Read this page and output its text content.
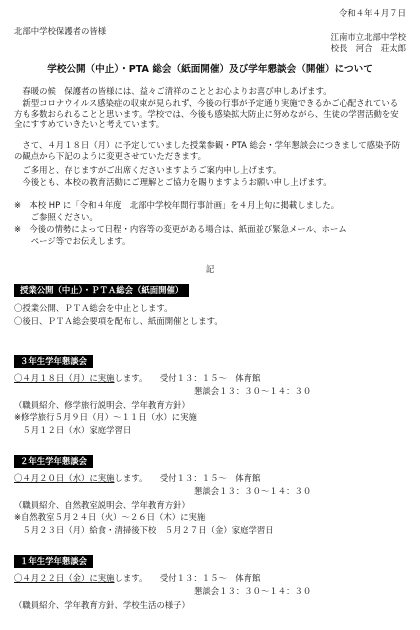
令和４年４月７日
北部中学校保護者の皆様
江南市立北部中学校
校長　河合　荘太郎
学校公開（中止）・PTA 総会（紙面開催）及び学年懇談会（開催）について
　春暖の候　保護者の皆様には、益々ご清祥のこととお心よりお喜び申しあげます。
　新型コロナウイルス感染症の収束が見られず、今後の行事が予定通り実施できるかご心配されている方も多数おられることと思います。学校では、今後も感染拡大防止に努めながら、生徒の学習活動を安全にすすめていきたいと考えています。
　さて、４月１８日（月）に予定していました授業参観・PTA 総会・学年懇談会につきまして感染予防の観点から下記のように変更させていただきます。
　ご多用と、存じますがご出席くださいますようご案内申し上げます。
　今後とも、本校の教育活動にご理解とご協力を賜りますようお願い申し上げます。
※　本校 HP に「令和４年度　北部中学校年間行事計画」を４月上旬に掲載しました。
　　ご参照ください。
※　今後の情勢によって日程・内容等の変更がある場合は、紙面並び緊急メール、ホーム
　　ページ等でお伝えします。
記
授業公開（中止）・ＰＴＡ総会（紙面開催）
〇授業公開、ＰＴＡ総会を中止とします。
〇後日、ＰＴＡ総会要項を配布し、紙面開催とします。
３年生学年懇談会
〇４月１８日（月）に実施します。　　受付１３：１５～　体育館
懇談会１３：３０～１４：３０
（職員紹介、修学旅行説明会、学年教育方針）
※修学旅行５月９日（月）～１１日（水）に実施
　５月１２日（水）家庭学習日
２年生学年懇談会
〇４月２０日（水）に実施します。　　受付１３：１５～　体育館
懇談会１３：３０～１４：３０
（職員紹介、自然教室説明会、学年教育方針）
※自然教室５月２４日（火）～２６日（木）に実施
　５月２３日（月）給食・清掃後下校　５月２７日（金）家庭学習日
１年生学年懇談会
〇４月２２日（金）に実施します。　　受付１３：１５～　体育館
懇談会１３：３０～１４：３０
（職員紹介、学年教育方針、学校生活の様子）
